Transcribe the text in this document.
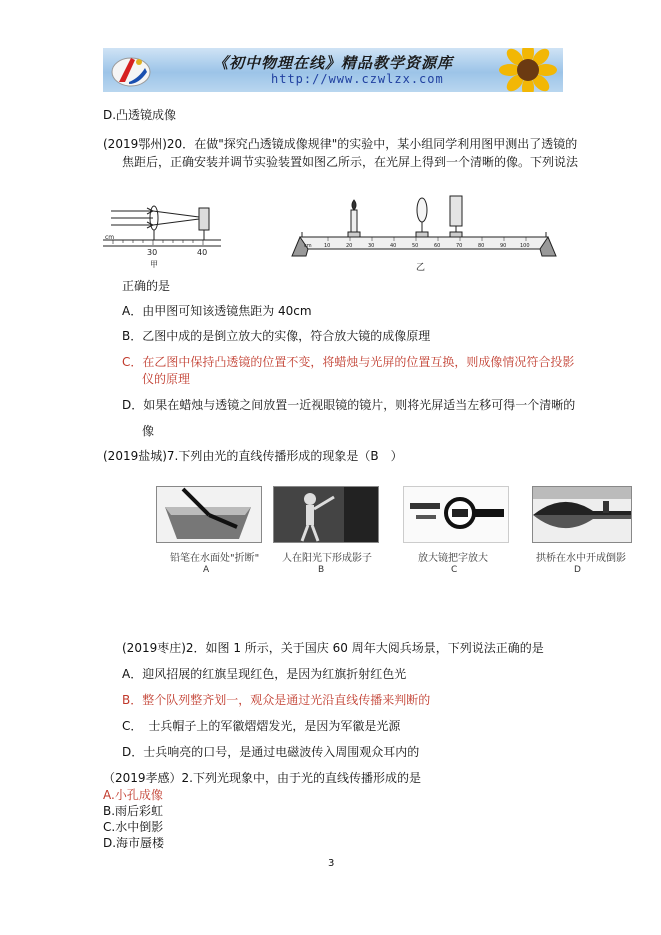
《初中物理在线》精品教学资源库
http://www.czwlzx.com
D.凸透镜成像
(2019鄂州)20．在做"探究凸透镜成像规律"的实验中，某小组同学利用图甲测出了透镜的
焦距后，正确安装并调节实验装置如图乙所示，在光屏上得到一个清晰的像。下列说法
cm
30	40
甲
cm 10	20	30	40	50	60	70	80	90	100
乙
正确的是
A．由甲图可知该透镜焦距为 40cm
B．乙图中成的是倒立放大的实像，符合放大镜的成像原理
C．在乙图中保持凸透镜的位置不变，将蜡烛与光屏的位置互换，则成像情况符合投影
仪的原理
D．如果在蜡烛与透镜之间放置一近视眼镜的镜片，则将光屏适当左移可得一个清晰的
像
(2019盐城)7.下列由光的直线传播形成的现象是（B　）
铅笔在水面处"折断"
A
人在阳光下形成影子
B
放大镜把字放大
C
拱桥在水中开成倒影
D
(2019枣庄)2．如图 1 所示，关于国庆 60 周年大阅兵场景，下列说法正确的是
A．迎风招展的红旗呈现红色，是因为红旗折射红色光
B．整个队列整齐划一，观众是通过光沿直线传播来判断的
C．　士兵帽子上的军徽熠熠发光，是因为军徽是光源
D．士兵响亮的口号，是通过电磁波传入周围观众耳内的
（2019孝感）2.下列光现象中，由于光的直线传播形成的是
A.小孔成像
B.雨后彩虹
C.水中倒影
D.海市蜃楼
3
